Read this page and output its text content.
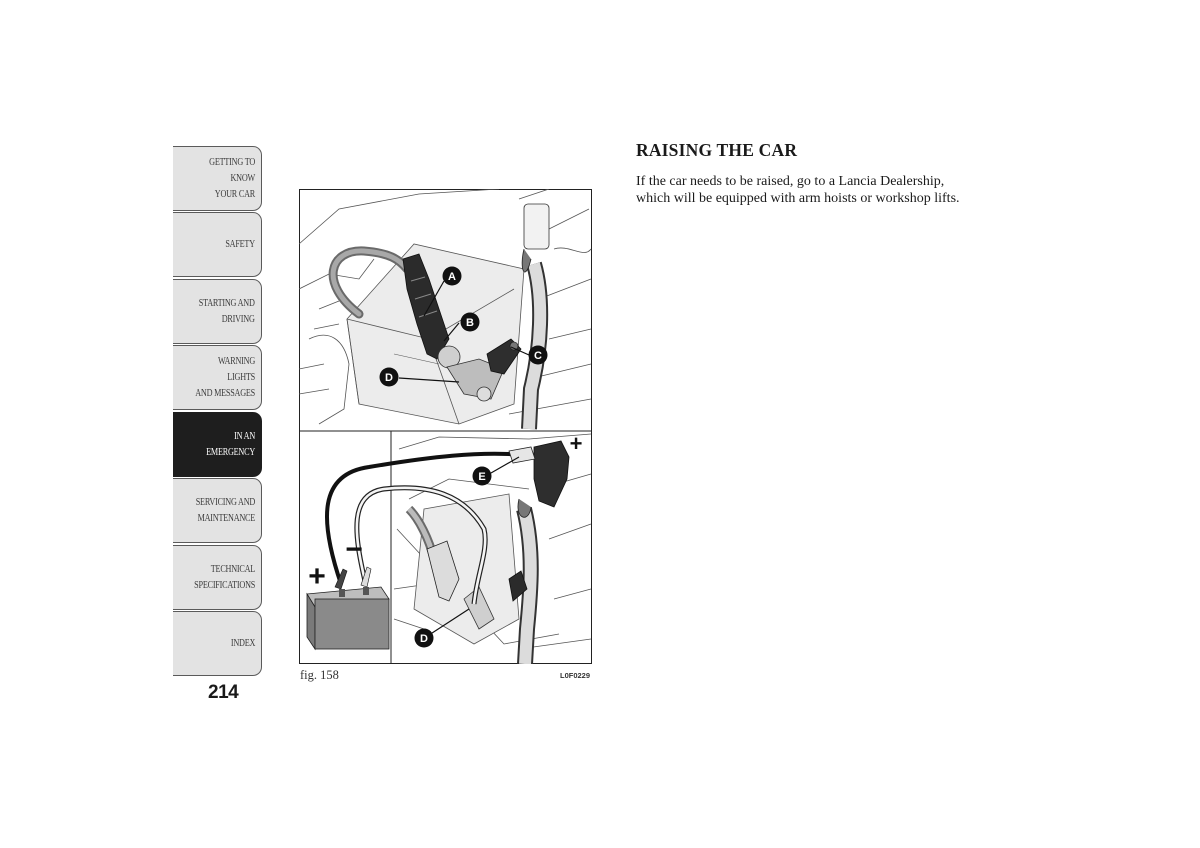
GETTING TO KNOW
YOUR CAR
SAFETY
STARTING AND
DRIVING
WARNING LIGHTS
AND MESSAGES
IN AN EMERGENCY
SERVICING AND
MAINTENANCE
TECHNICAL
SPECIFICATIONS
INDEX
214
A
B
C
D
E
D
+
+
−
fig. 158	L0F0229
RAISING THE CAR

If the car needs to be raised, go to a Lancia Dealership, which will be equipped with arm hoists or workshop lifts.
